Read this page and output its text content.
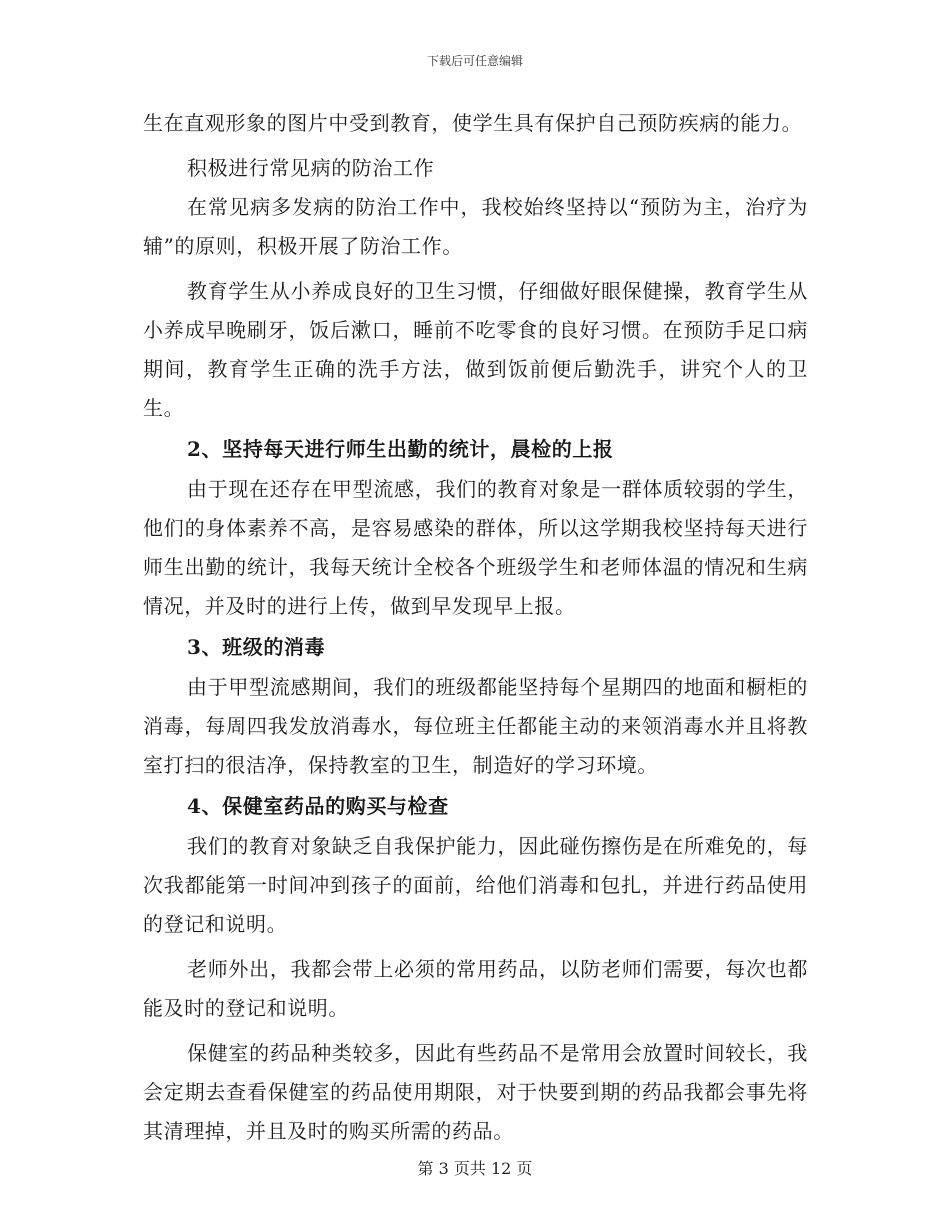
下载后可任意编辑

生在直观形象的图片中受到教育，使学生具有保护自己预防疾病的能力。

积极进行常见病的防治工作

在常见病多发病的防治工作中，我校始终坚持以“预防为主，治疗为辅”的原则，积极开展了防治工作。

教育学生从小养成良好的卫生习惯，仔细做好眼保健操，教育学生从小养成早晚刷牙，饭后漱口，睡前不吃零食的良好习惯。在预防手足口病期间，教育学生正确的洗手方法，做到饭前便后勤洗手，讲究个人的卫生。

2、坚持每天进行师生出勤的统计，晨检的上报

由于现在还存在甲型流感，我们的教育对象是一群体质较弱的学生，他们的身体素养不高，是容易感染的群体，所以这学期我校坚持每天进行师生出勤的统计，我每天统计全校各个班级学生和老师体温的情况和生病情况，并及时的进行上传，做到早发现早上报。

3、班级的消毒

由于甲型流感期间，我们的班级都能坚持每个星期四的地面和橱柜的消毒，每周四我发放消毒水，每位班主任都能主动的来领消毒水并且将教室打扫的很洁净，保持教室的卫生，制造好的学习环境。

4、保健室药品的购买与检查

我们的教育对象缺乏自我保护能力，因此碰伤擦伤是在所难免的，每次我都能第一时间冲到孩子的面前，给他们消毒和包扎，并进行药品使用的登记和说明。

老师外出，我都会带上必须的常用药品，以防老师们需要，每次也都能及时的登记和说明。

保健室的药品种类较多，因此有些药品不是常用会放置时间较长，我会定期去查看保健室的药品使用期限，对于快要到期的药品我都会事先将其清理掉，并且及时的购买所需的药品。

第 3 页共 12 页
